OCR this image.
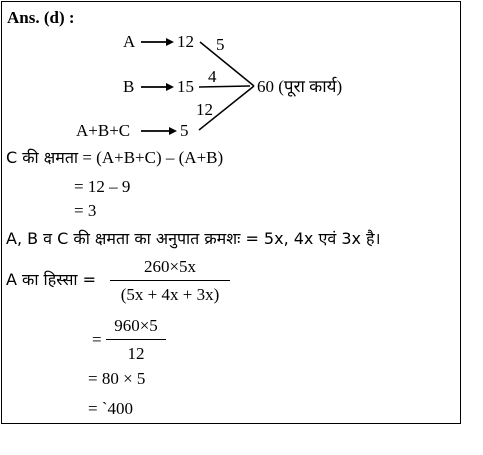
Ans. (d) :
A 12
B	15
A+B+C	5
5
4
12
60 (पूरा कार्य)
C की क्षमता = (A+B+C) – (A+B)
= 12 – 9
= 3
A, B व C की क्षमता का अनुपात क्रमशः = 5x, 4x एवं 3x है।
A का हिस्सा =
260×5x
(5x + 4x + 3x)
=
960×5
12
= 80 × 5
= `400
